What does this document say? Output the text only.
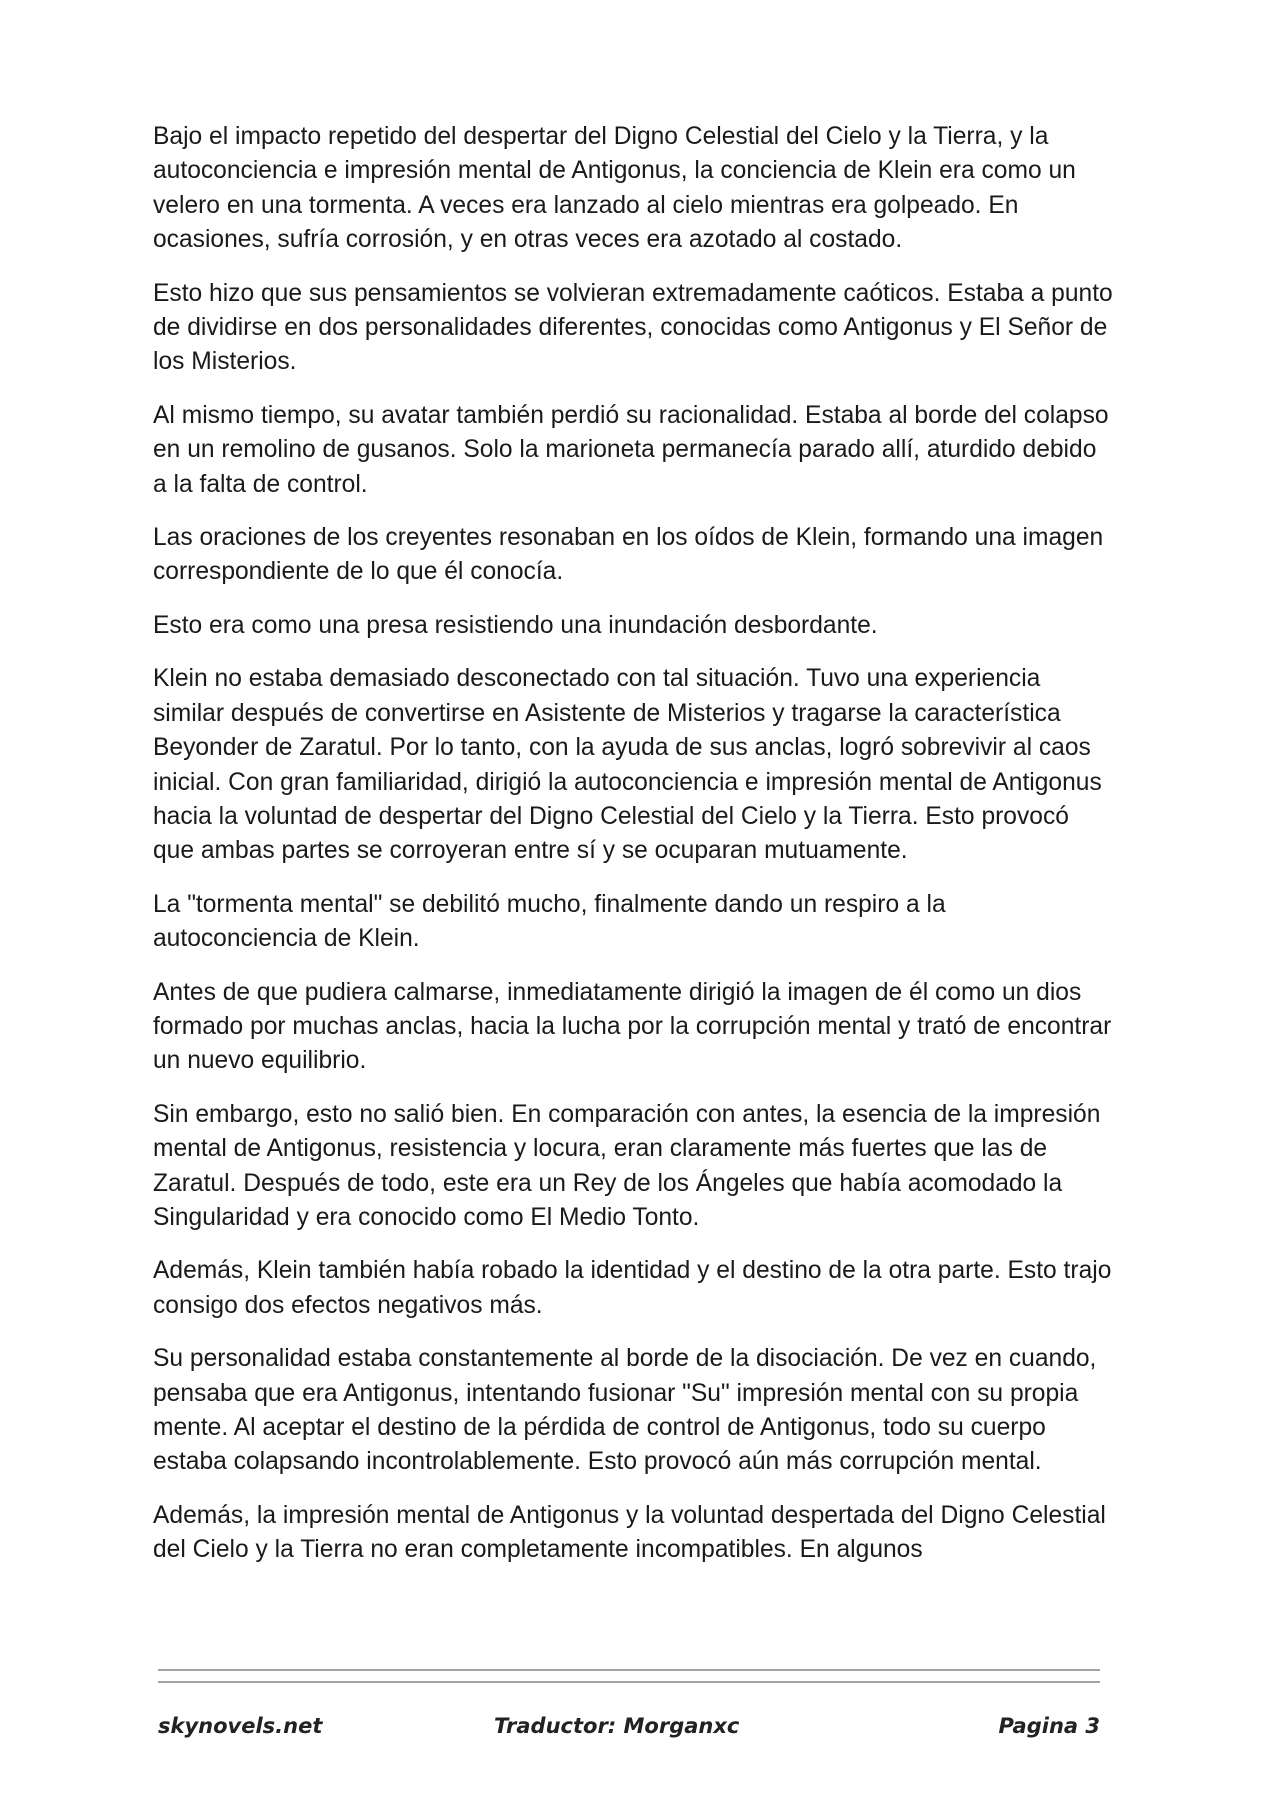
Bajo el impacto repetido del despertar del Digno Celestial del Cielo y la Tierra, y la autoconciencia e impresión mental de Antigonus, la conciencia de Klein era como un velero en una tormenta. A veces era lanzado al cielo mientras era golpeado. En ocasiones, sufría corrosión, y en otras veces era azotado al costado.

Esto hizo que sus pensamientos se volvieran extremadamente caóticos. Estaba a punto de dividirse en dos personalidades diferentes, conocidas como Antigonus y El Señor de los Misterios.

Al mismo tiempo, su avatar también perdió su racionalidad. Estaba al borde del colapso en un remolino de gusanos. Solo la marioneta permanecía parado allí, aturdido debido a la falta de control.

Las oraciones de los creyentes resonaban en los oídos de Klein, formando una imagen correspondiente de lo que él conocía.

Esto era como una presa resistiendo una inundación desbordante.

Klein no estaba demasiado desconectado con tal situación. Tuvo una experiencia similar después de convertirse en Asistente de Misterios y tragarse la característica Beyonder de Zaratul. Por lo tanto, con la ayuda de sus anclas, logró sobrevivir al caos inicial. Con gran familiaridad, dirigió la autoconciencia e impresión mental de Antigonus hacia la voluntad de despertar del Digno Celestial del Cielo y la Tierra. Esto provocó que ambas partes se corroyeran entre sí y se ocuparan mutuamente.

La "tormenta mental" se debilitó mucho, finalmente dando un respiro a la autoconciencia de Klein.

Antes de que pudiera calmarse, inmediatamente dirigió la imagen de él como un dios formado por muchas anclas, hacia la lucha por la corrupción mental y trató de encontrar un nuevo equilibrio.

Sin embargo, esto no salió bien. En comparación con antes, la esencia de la impresión mental de Antigonus, resistencia y locura, eran claramente más fuertes que las de Zaratul. Después de todo, este era un Rey de los Ángeles que había acomodado la Singularidad y era conocido como El Medio Tonto.

Además, Klein también había robado la identidad y el destino de la otra parte. Esto trajo consigo dos efectos negativos más.

Su personalidad estaba constantemente al borde de la disociación. De vez en cuando, pensaba que era Antigonus, intentando fusionar "Su" impresión mental con su propia mente. Al aceptar el destino de la pérdida de control de Antigonus, todo su cuerpo estaba colapsando incontrolablemente. Esto provocó aún más corrupción mental.

Además, la impresión mental de Antigonus y la voluntad despertada del Digno Celestial del Cielo y la Tierra no eran completamente incompatibles. En algunos

skynovels.net	Traductor: Morganxc	Pagina 3
